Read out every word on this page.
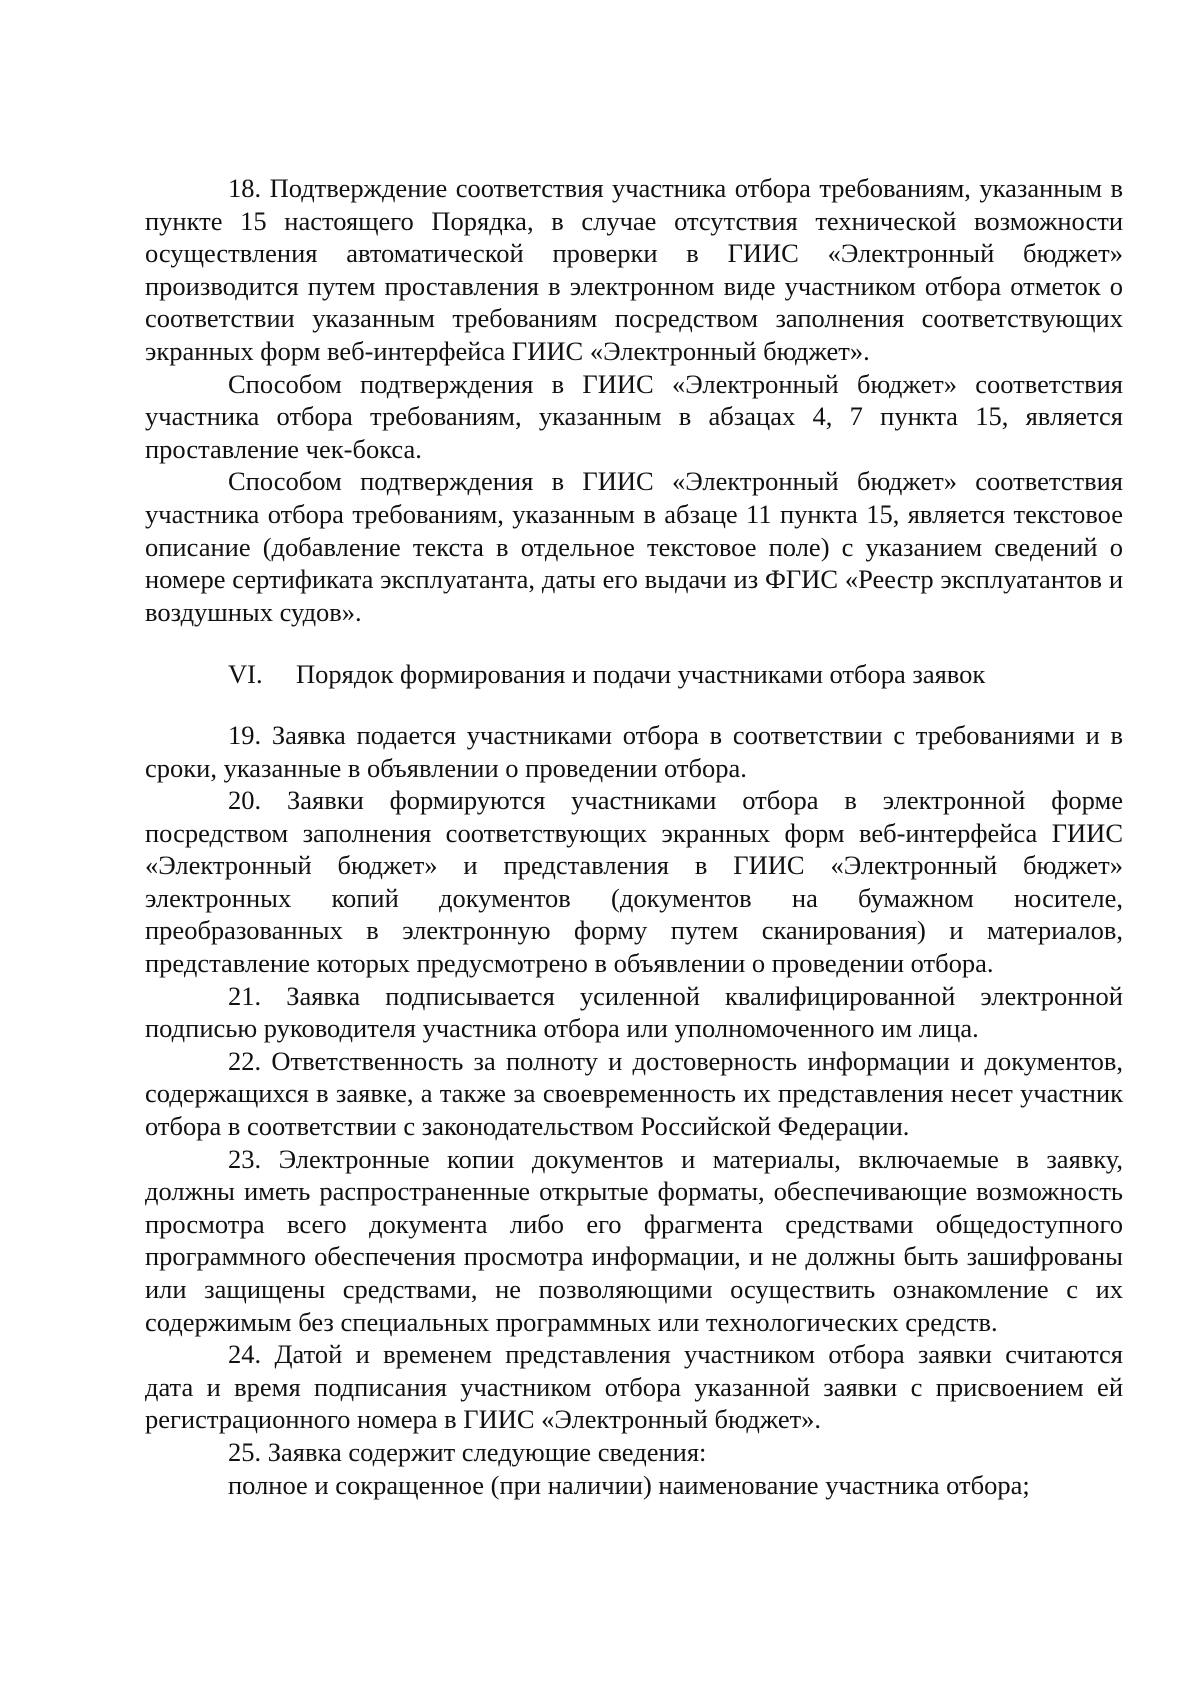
18. Подтверждение соответствия участника отбора требованиям, указанным в пункте 15 настоящего Порядка, в случае отсутствия технической возможности осуществления автоматической проверки в ГИИС «Электронный бюджет» производится путем проставления в электронном виде участником отбора отметок о соответствии указанным требованиям посредством заполнения соответствующих экранных форм веб-интерфейса ГИИС «Электронный бюджет».

Способом подтверждения в ГИИС «Электронный бюджет» соответствия участника отбора требованиям, указанным в абзацах 4, 7 пункта 15, является проставление чек-бокса.

Способом подтверждения в ГИИС «Электронный бюджет» соответствия участника отбора требованиям, указанным в абзаце 11 пункта 15, является текстовое описание (добавление текста в отдельное текстовое поле) с указанием сведений о номере сертификата эксплуатанта, даты его выдачи из ФГИС «Реестр эксплуатантов и воздушных судов».

VI.	Порядок формирования и подачи участниками отбора заявок

19. Заявка подается участниками отбора в соответствии с требованиями и в сроки, указанные в объявлении о проведении отбора.

20. Заявки формируются участниками отбора в электронной форме посредством заполнения соответствующих экранных форм веб-интерфейса ГИИС «Электронный бюджет» и представления в ГИИС «Электронный бюджет» электронных копий документов (документов на бумажном носителе, преобразованных в электронную форму путем сканирования) и материалов, представление которых предусмотрено в объявлении о проведении отбора.

21. Заявка подписывается усиленной квалифицированной электронной подписью руководителя участника отбора или уполномоченного им лица.

22. Ответственность за полноту и достоверность информации и документов, содержащихся в заявке, а также за своевременность их представления несет участник отбора в соответствии с законодательством Российской Федерации.

23. Электронные копии документов и материалы, включаемые в заявку, должны иметь распространенные открытые форматы, обеспечивающие возможность просмотра всего документа либо его фрагмента средствами общедоступного программного обеспечения просмотра информации, и не должны быть зашифрованы или защищены средствами, не позволяющими осуществить ознакомление с их содержимым без специальных программных или технологических средств.

24. Датой и временем представления участником отбора заявки считаются дата и время подписания участником отбора указанной заявки с присвоением ей регистрационного номера в ГИИС «Электронный бюджет».

25. Заявка содержит следующие сведения:

полное и сокращенное (при наличии) наименование участника отбора;
